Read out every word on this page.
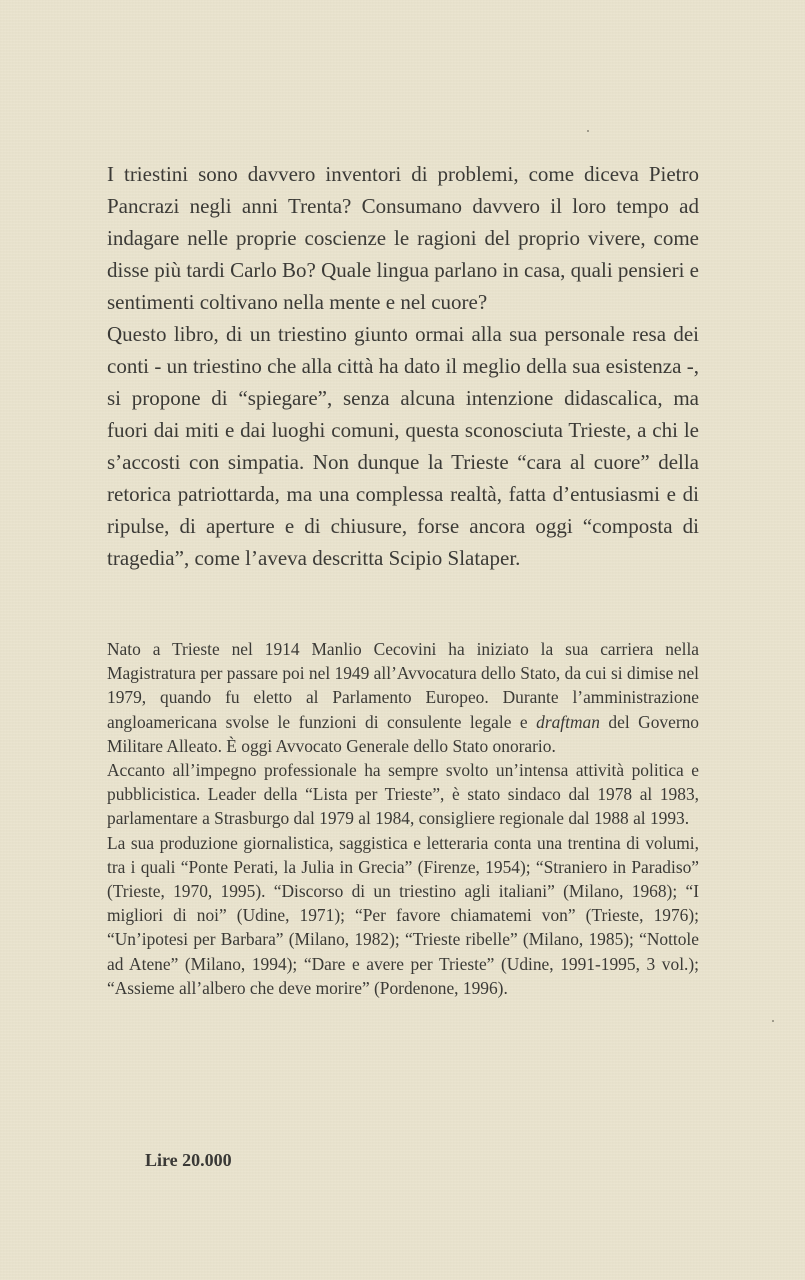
I triestini sono davvero inventori di problemi, come diceva Pietro Pancrazi negli anni Trenta? Consumano davvero il loro tempo ad indagare nelle proprie coscienze le ragioni del proprio vivere, come disse più tardi Carlo Bo? Quale lingua parlano in casa, quali pensieri e sentimenti coltivano nella mente e nel cuore?

Questo libro, di un triestino giunto ormai alla sua personale resa dei conti - un triestino che alla città ha dato il meglio della sua esistenza -, si propone di “spiegare”, senza alcuna intenzione didascalica, ma fuori dai miti e dai luoghi comuni, questa sconosciuta Trieste, a chi le s’accosti con simpatia. Non dunque la Trieste “cara al cuore” della retorica patriottarda, ma una complessa realtà, fatta d’entusiasmi e di ripulse, di aperture e di chiusure, forse ancora oggi “composta di tragedia”, come l’aveva descritta Scipio Slataper.

Nato a Trieste nel 1914 Manlio Cecovini ha iniziato la sua carriera nella Magistratura per passare poi nel 1949 all’Avvocatura dello Stato, da cui si dimise nel 1979, quando fu eletto al Parlamento Europeo. Durante l’amministrazione angloamericana svolse le funzioni di consulente legale e draftman del Governo Militare Alleato. È oggi Avvocato Generale dello Stato onorario.

Accanto all’impegno professionale ha sempre svolto un’intensa attività politica e pubblicistica. Leader della “Lista per Trieste”, è stato sindaco dal 1978 al 1983, parlamentare a Strasburgo dal 1979 al 1984, consigliere regionale dal 1988 al 1993.

La sua produzione giornalistica, saggistica e letteraria conta una trentina di volumi, tra i quali “Ponte Perati, la Julia in Grecia” (Firenze, 1954); “Straniero in Paradiso” (Trieste, 1970, 1995). “Discorso di un triestino agli italiani” (Milano, 1968); “I migliori di noi” (Udine, 1971); “Per favore chiamatemi von” (Trieste, 1976); “Un’ipotesi per Barbara” (Milano, 1982); “Trieste ribelle” (Milano, 1985); “Nottole ad Atene” (Milano, 1994); “Dare e avere per Trieste” (Udine, 1991-1995, 3 vol.); “Assieme all’albero che deve morire” (Pordenone, 1996).

Lire 20.000
